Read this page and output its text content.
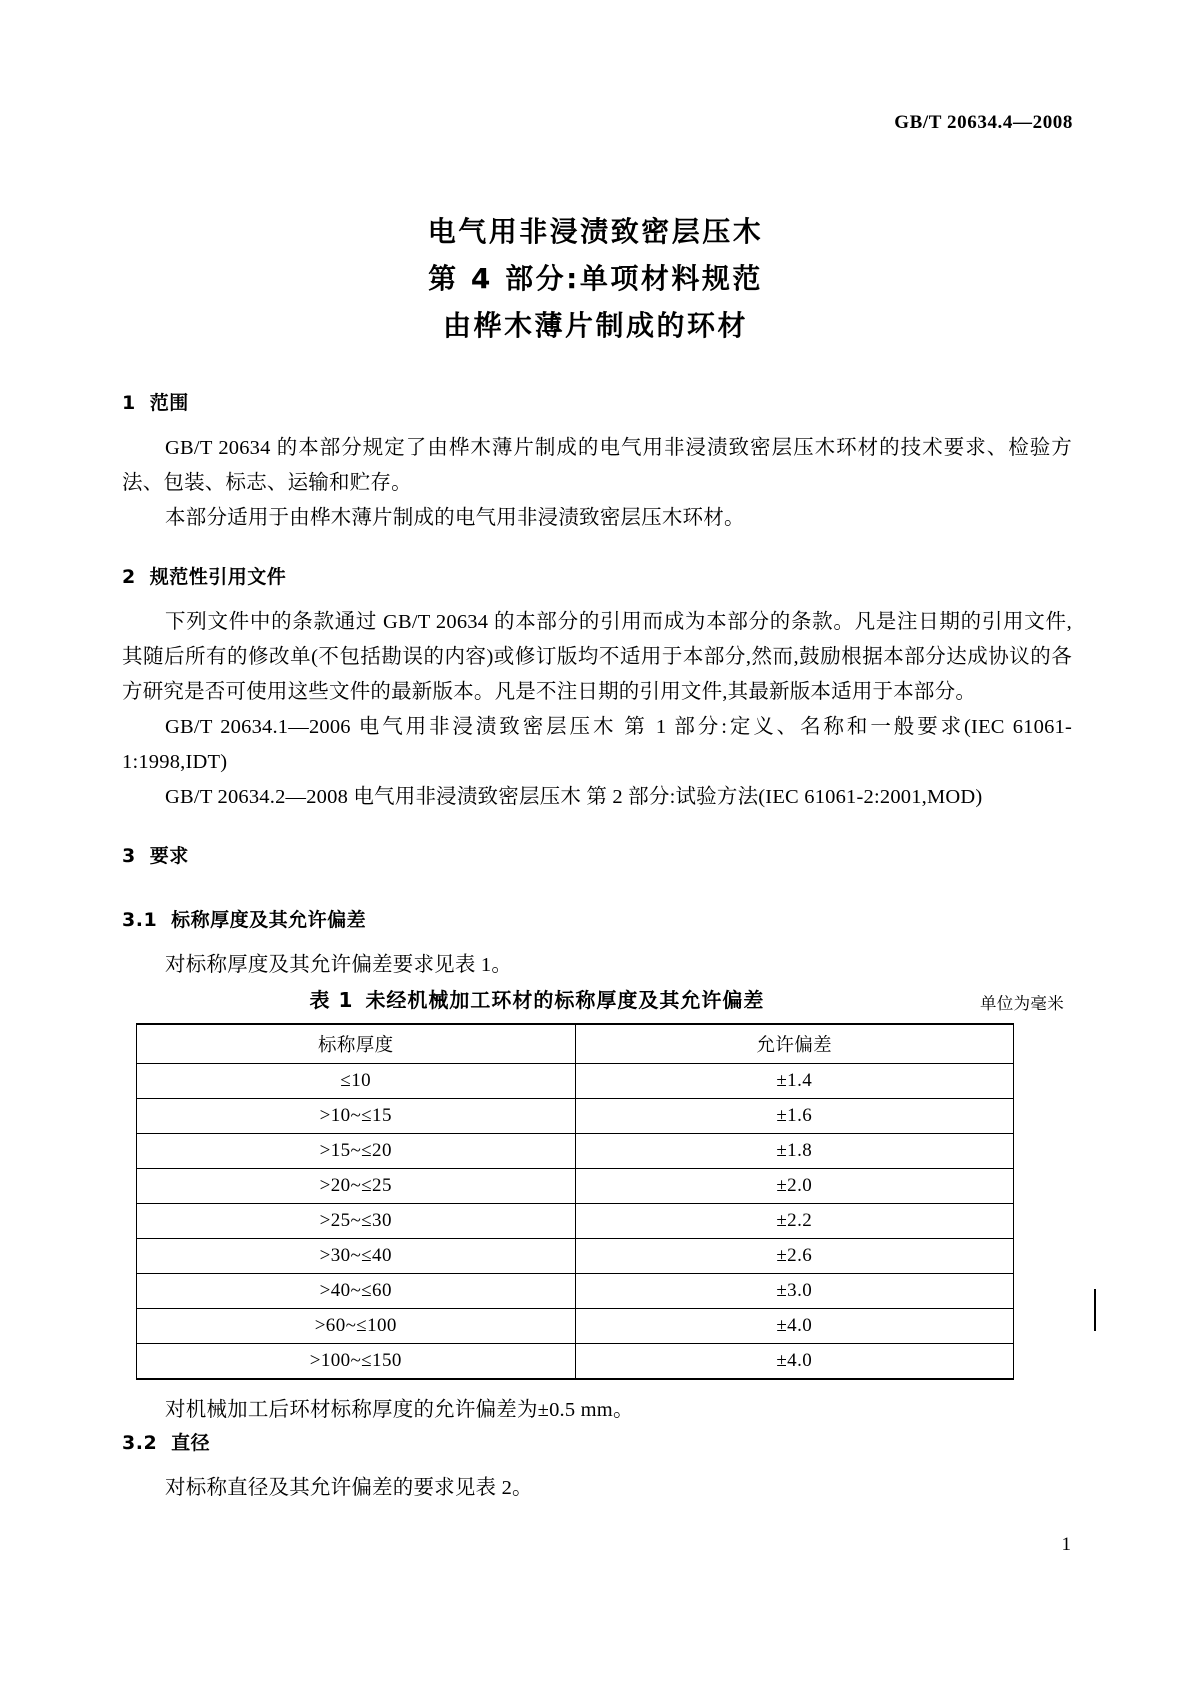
GB/T 20634.4—2008
电气用非浸渍致密层压木
第 4 部分:单项材料规范
由桦木薄片制成的环材
1 范围

GB/T 20634 的本部分规定了由桦木薄片制成的电气用非浸渍致密层压木环材的技术要求、检验方法、包装、标志、运输和贮存。

本部分适用于由桦木薄片制成的电气用非浸渍致密层压木环材。

2 规范性引用文件

下列文件中的条款通过 GB/T 20634 的本部分的引用而成为本部分的条款。凡是注日期的引用文件,其随后所有的修改单(不包括勘误的内容)或修订版均不适用于本部分,然而,鼓励根据本部分达成协议的各方研究是否可使用这些文件的最新版本。凡是不注日期的引用文件,其最新版本适用于本部分。

GB/T 20634.1—2006 电气用非浸渍致密层压木 第 1 部分:定义、名称和一般要求(IEC 61061-1:1998,IDT)

GB/T 20634.2—2008 电气用非浸渍致密层压木 第 2 部分:试验方法(IEC 61061-2:2001,MOD)

3 要求
3.1 标称厚度及其允许偏差

对标称厚度及其允许偏差要求见表 1。

表 1 未经机械加工环材的标称厚度及其允许偏差	单位为毫米
标称厚度	允许偏差
≤10	±1.4
>10~≤15	±1.6
>15~≤20	±1.8
>20~≤25	±2.0
>25~≤30	±2.2
>30~≤40	±2.6
>40~≤60	±3.0
>60~≤100	±4.0
>100~≤150	±4.0

对机械加工后环材标称厚度的允许偏差为±0.5 mm。

3.2 直径

对标称直径及其允许偏差的要求见表 2。

1
